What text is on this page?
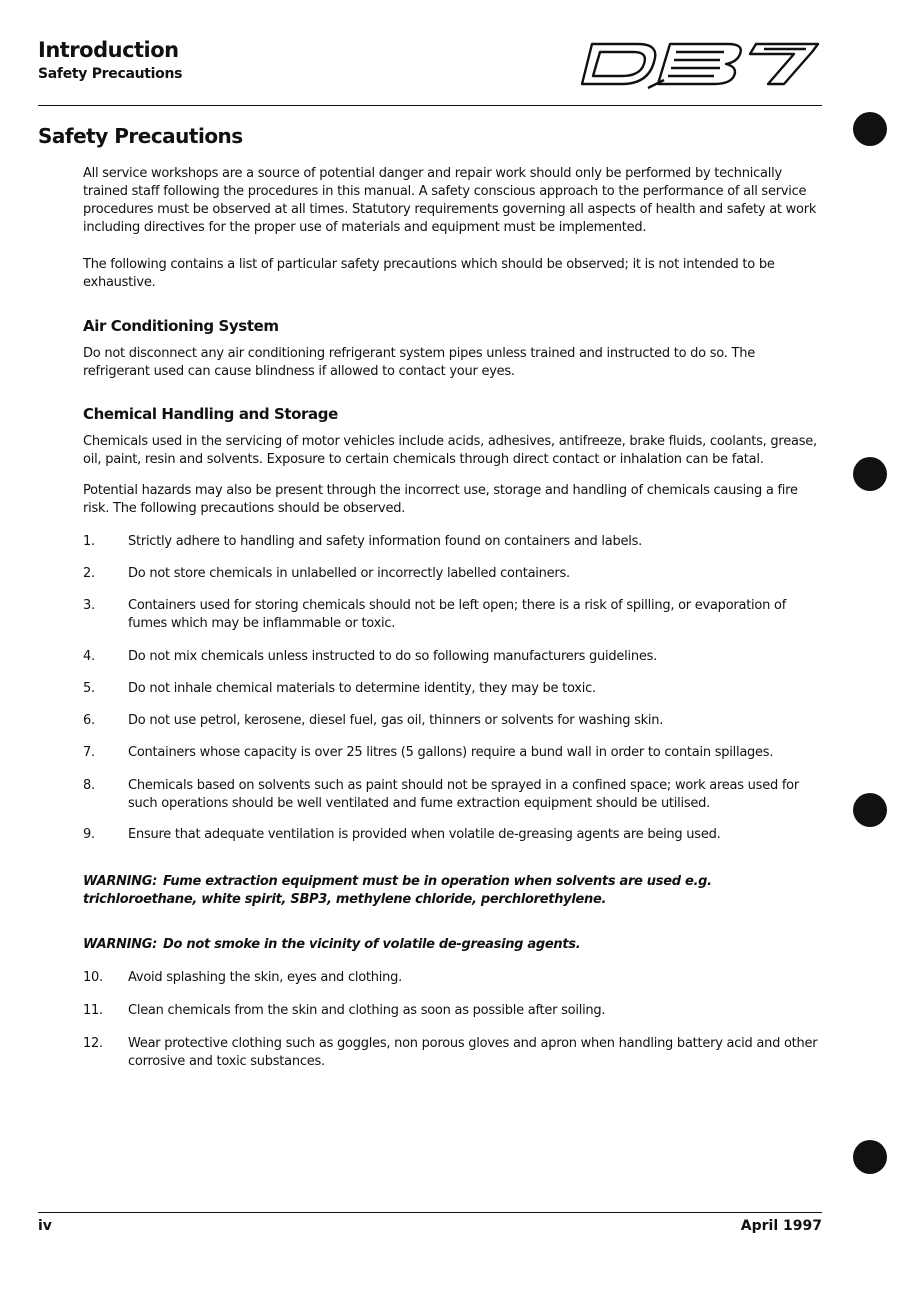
Introduction
Safety Precautions
Safety Precautions
All service workshops are a source of potential danger and repair work should only be performed by technically trained staff following the procedures in this manual. A safety conscious approach to the performance of all service procedures must be observed at all times. Statutory requirements governing all aspects of health and safety at work including directives for the proper use of materials and equipment must be implemented.
The following contains a list of particular safety precautions which should be observed; it is not intended to be exhaustive.
Air Conditioning System
Do not disconnect any air conditioning refrigerant system pipes unless trained and instructed to do so. The refrigerant used can cause blindness if allowed to contact your eyes.
Chemical Handling and Storage
Chemicals used in the servicing of motor vehicles include acids, adhesives, antifreeze, brake fluids, coolants, grease, oil, paint, resin and solvents. Exposure to certain chemicals through direct contact or inhalation can be fatal.
Potential hazards may also be present through the incorrect use, storage and handling of chemicals causing a fire risk. The following precautions should be observed.
1.	Strictly adhere to handling and safety information found on containers and labels.
2.	Do not store chemicals in unlabelled or incorrectly labelled containers.
3.	Containers used for storing chemicals should not be left open; there is a risk of spilling, or evaporation of fumes which may be inflammable or toxic.
4.	Do not mix chemicals unless instructed to do so following manufacturers guidelines.
5.	Do not inhale chemical materials to determine identity, they may be toxic.
6.	Do not use petrol, kerosene, diesel fuel, gas oil, thinners or solvents for washing skin.
7.	Containers whose capacity is over 25 litres (5 gallons) require a bund wall in order to contain spillages.
8.	Chemicals based on solvents such as paint should not be sprayed in a confined space; work areas used for such operations should be well ventilated and fume extraction equipment should be utilised.
9.	Ensure that adequate ventilation is provided when volatile de-greasing agents are being used.
WARNING: Fume extraction equipment must be in operation when solvents are used e.g. trichloroethane, white spirit, SBP3, methylene chloride, perchlorethylene.
WARNING: Do not smoke in the vicinity of volatile de-greasing agents.
10.	Avoid splashing the skin, eyes and clothing.
11.	Clean chemicals from the skin and clothing as soon as possible after soiling.
12.	Wear protective clothing such as goggles, non porous gloves and apron when handling battery acid and other corrosive and toxic substances.
iv	April 1997
